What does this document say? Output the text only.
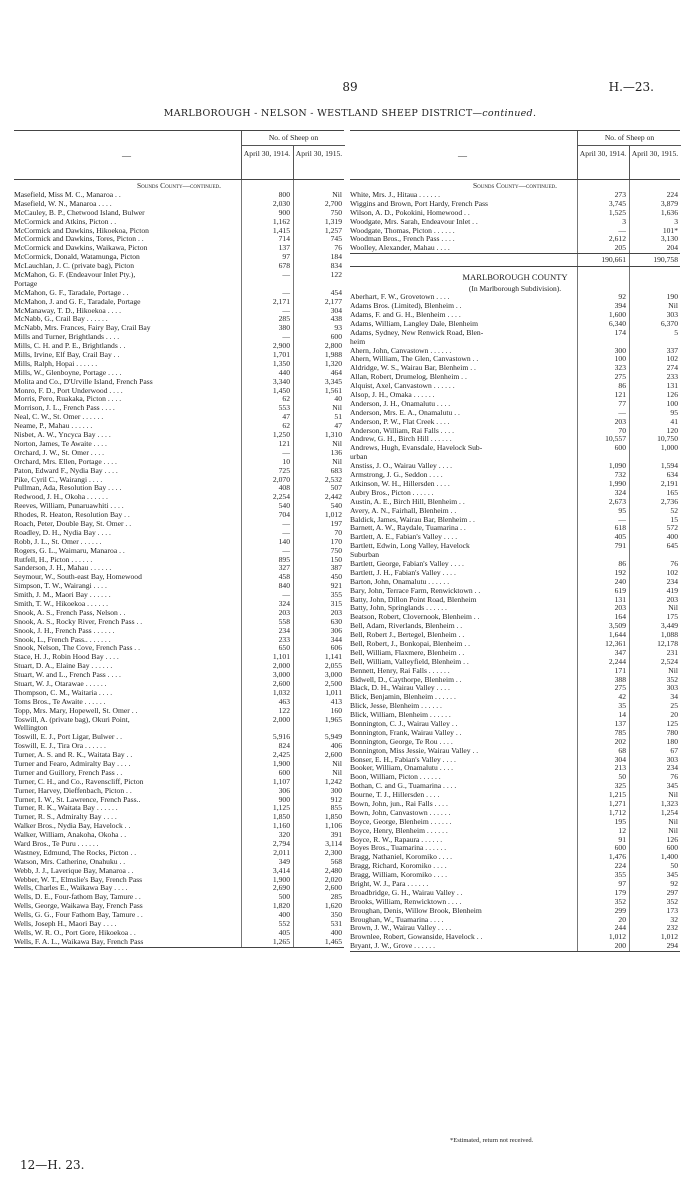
89	H.—23.
MARLBOROUGH - NELSON - WESTLAND SHEEP DISTRICT—continued.
—
No. of Sheep on
April 30, 1914. April 30, 1915.
Sounds County—continued.
Masefield, Miss M. C., Manaroa . .	800	Nil
Masefield, W. N., Manaroa . . . .	2,030	2,700
McCauley, B. P., Chetwood Island, Bulwer	900	750
McCormick and Atkins, Picton . .	1,162	1,319
McCormick and Dawkins, Hikoekoa, Picton	1,415	1,257
McCormick and Dawkins, Tores, Picton . .	714	745
McCormick and Dawkins, Waikawa, Picton	137	76
McCormick, Donald, Watamunga, Picton	97	184
McLauchlan, J. C. (private bag), Picton	678	834
McMahon, G. F. (Endeavour Inlet Pty.),	—	122
Portage
McMahon, G. F., Taradale, Portage . .	—	454
McMahon, J. and G. F., Taradale, Portage	2,171	2,177
McManaway, T. D., Hikoekoa . . . .	—	304
McNabb, G., Crail Bay . . . . . .	285	438
McNabb, Mrs. Frances, Fairy Bay, Crail Bay	380	93
Mills and Turner, Brightlands . . . .	—	600
Mills, C. H. and P. E., Brightlands . .	2,900	2,800
Mills, Irvine, Elf Bay, Crail Bay . .	1,701	1,988
Mills, Ralph, Hopai . . . . . .	1,350	1,320
Mills, W., Glenboyne, Portage . . . .	440	464
Molita and Co., D'Urville Island, French Pass	3,340	3,345
Monro, F. D., Port Underwood . . . .	1,450	1,561
Morris, Pero, Ruakaka, Picton . . . .	62	40
Morrison, J. L., French Pass . . . .	553	Nil
Neal, C. W., St. Omer . . . . . .	47	51
Neame, P., Mahau . . . . . .	62	47
Nisbet, A. W., Yncyca Bay . . . .	1,250	1,310
Norton, James, Te Awaite . . . .	121	Nil
Orchard, J. W., St. Omer . . . .	—	136
Orchard, Mrs. Ellen, Portage . . . .	10	Nil
Paton, Edward F., Nydia Bay . . . .	725	683
Pike, Cyril C., Wairangi . . . .	2,070	2,532
Pullman, Ada, Resolution Bay . . . .	408	507
Redwood, J. H., Okoha . . . . . .	2,254	2,442
Reeves, William, Punaruawhiti . . . .	540	540
Rhodes, R. Heaton, Resolution Bay . .	704	1,012
Roach, Peter, Double Bay, St. Omer . .	—	197
Roadley, D. H., Nydia Bay . . . .	—	70
Robb, J. L., St. Omer . . . . . .	140	170
Rogers, G. L., Waimaru, Manaroa . .	—	750
Rutfell, H., Picton . . . . . .	895	150
Sanderson, J. H., Mahau . . . . . .	327	387
Seymour, W., South-east Bay, Homewood	458	450
Simpson, T. W., Wairangi . . . .	840	921
Smith, J. M., Maori Bay . . . . . .	—	355
Smith, T. W., Hikoekoa . . . . . .	324	315
Snook, A. S., French Pass, Nelson . .	203	203
Snook, A. S., Rocky River, French Pass . .	558	630
Snook, J. H., French Pass . . . . . .	234	306
Snook, L., French Pass.. . . . . . .	233	344
Snook, Nelson, The Cove, French Pass . .	650	606
Stace, H. J., Robin Hood Bay . . . .	1,101	1,141
Stuart, D. A., Elaine Bay . . . . . .	2,000	2,055
Stuart, W. and L., French Pass . . . .	3,000	3,000
Stuart, W. J., Otarawae . . . . . .	2,600	2,500
Thompson, C. M., Waitaria . . . .	1,032	1,011
Toms Bros., Te Awaite . . . . . .	463	413
Topp, Mrs. Mary, Hopewell, St. Omer . .	122	160
Toswill, A. (private bag), Okuri Point,	2,000	1,965
Wellington
Toswill, E. J., Port Ligar, Bulwer . .	5,916	5,949
Toswill, E. J., Tira Ora . . . . . .	824	406
Turner, A. S. and R. K., Waitata Bay . .	2,425	2,600
Turner and Fearo, Admiralty Bay . . . .	1,900	Nil
Turner and Guillory, French Pass . .	600	Nil
Turner, C. H., and Co., Ravenscliff, Picton	1,107	1,242
Turner, Harvey, Dieffenbach, Picton . .	306	300
Turner, I. W., St. Lawrence, French Pass..	900	912
Turner, R. K., Waitata Bay . . . . . .	1,125	855
Turner, R. S., Admiralty Bay . . . .	1,850	1,850
Walker Bros., Nydia Bay, Havelock . .	1,160	1,106
Walker, William, Anakoha, Okoha . .	320	391
Ward Bros., Te Puru . . . . . .	2,794	3,114
Wastney, Edmund, The Rocks, Picton . .	2,011	2,300
Watson, Mrs. Catherine, Onahuku . .	349	568
Webb, J. J., Laverique Bay, Manaroa . .	3,414	2,480
Webber, W. T., Elmslie's Bay, French Pass	1,900	2,020
Wells, Charles E., Waikawa Bay . . . .	2,690	2,600
Wells, D. E., Four-fathom Bay, Tamure . .	500	285
Wells, George, Waikawa Bay, French Pass	1,820	1,620
Wells, G. G., Four Fathom Bay, Tamure . .	400	350
Wells, Joseph H., Maori Bay . . . .	552	531
Wells, W. R. O., Port Gore, Hikoekoa . .	405	400
Wells, F. A. L., Waikawa Bay, French Pass	1,265	1,465
—
No. of Sheep on
April 30, 1914. April 30, 1915.
Sounds County—continued.
White, Mrs. J., Hitaua . . . . . .	273	224
Wiggins and Brown, Port Hardy, French Pass	3,745	3,879
Wilson, A. D., Pokokini, Homewood . .	1,525	1,636
Woodgate, Mrs. Sarah, Endeavour Inlet . .	3	3
Woodgate, Thomas, Picton . . . . . .	—	101*
Woodman Bros., French Pass . . . .	2,612	3,130
Woolley, Alexander, Mahau . . . .	205	204
190,661	190,758
MARLBOROUGH COUNTY
(In Marlborough Subdivision).
Aberhart, F. W., Grovetown . . . .	92	190
Adams Bros. (Limited), Blenheim . .	394	Nil
Adams, F. and G. H., Blenheim . . . .	1,600	303
Adams, William, Langley Dale, Blenheim	6,340	6,370
Adams, Sydney, New Renwick Road, Blen-	174	5
heim
Ahern, John, Canvastown . . . . . .	300	337
Ahern, William, The Glen, Canvastown . .	100	102
Aldridge, W. S., Wairau Bar, Blenheim . .	323	274
Allan, Robert, Drumelog, Blenheim . .	275	233
Alquist, Axel, Canvastown . . . . . .	86	131
Alsop, J. H., Omaka . . . . . .	121	126
Anderson, J. H., Onamalutu . . . .	77	100
Anderson, Mrs. E. A., Onamalutu . .	—	95
Anderson, P. W., Flat Creek . . . .	203	41
Anderson, William, Rai Falls . . . .	70	120
Andrew, G. H., Birch Hill . . . . . .	10,557	10,750
Andrews, Hugh, Evansdale, Havelock Sub-	600	1,000
urban
Anstiss, J. O., Wairau Valley . . . .	1,090	1,594
Armstrong, J. G., Seddon . . . .	732	634
Atkinson, W. H., Hillersden . . . .	1,990	2,191
Aubry Bros., Picton . . . . . .	324	165
Austin, A. E., Birch Hill, Blenheim . .	2,673	2,736
Avery, A. N., Fairhall, Blenheim . .	95	52
Baldick, James, Wairau Bar, Blenheim . .	—	15
Barnett, A. W., Raydale, Tuamarina . .	618	572
Bartlett, A. E., Fabian's Valley . . . .	405	400
Bartlett, Edwin, Long Valley, Havelock	791	645
Suburban
Bartlett, George, Fabian's Valley . . . .	86	76
Bartlett, J. H., Fabian's Valley . . . .	192	102
Barton, John, Onamalutu . . . . . .	240	234
Bary, John, Terrace Farm, Renwicktown . .	619	419
Batty, John, Dillon Point Road, Blenheim	131	203
Batty, John, Springlands . . . . . .	203	Nil
Beatson, Robert, Clovernook, Blenheim . .	164	175
Bell, Adam, Riverlands, Blenheim . .	3,509	3,449
Bell, Robert J., Bertegel, Blenheim . .	1,644	1,088
Bell, Robert, J., Bonkopai, Blenheim . .	12,361	12,178
Bell, William, Flaxmere, Blenheim . .	347	231
Bell, William, Valleyfield, Blenheim . .	2,244	2,524
Bennett, Henry, Rai Falls . . . . . .	171	Nil
Bidwell, D., Caythorpe, Blenheim . .	388	352
Black, D. H., Wairau Valley . . . .	275	303
Blick, Benjamin, Blenheim . . . . . .	42	34
Blick, Jesse, Blenheim . . . . . .	35	25
Blick, William, Blenheim . . . . . .	14	20
Bonnington, C. J., Wairau Valley . .	137	125
Bonnington, Frank, Wairau Valley . .	785	780
Bonnington, George, Te Rou . . . .	202	180
Bonnington, Miss Jessie, Wairau Valley . .	68	67
Bonser, E. H., Fabian's Valley . . . .	304	303
Booker, William, Onamalutu . . . .	213	234
Boon, William, Picton . . . . . .	50	76
Bothan, C. and G., Tuamarina . . . .	325	345
Bourne, T. J., Hillersden . . . .	1,215	Nil
Bown, John, jun., Rai Falls . . . .	1,271	1,323
Bown, John, Canvastown . . . . . .	1,712	1,254
Boyce, George, Blenheim . . . . . .	195	Nil
Boyce, Henry, Blenheim . . . . . .	12	Nil
Boyce, R. W., Rapaura . . . . . .	91	126
Boyes Bros., Tuamarina . . . . . .	600	600
Bragg, Nathaniel, Koromiko . . . .	1,476	1,400
Bragg, Richard, Koromiko . . . .	224	50
Bragg, William, Koromiko . . . .	355	345
Bright, W. J., Para . . . . . .	97	92
Broadbridge, G. H., Wairau Valley . .	179	297
Brooks, William, Renwicktown . . . .	352	352
Broughan, Denis, Willow Brook, Blenheim	299	173
Broughan, W., Tuamarina . . . .	20	32
Brown, J. W., Wairau Valley . . . .	244	232
Brownlee, Robert, Gowanside, Havelock . .	1,012	1,012
Bryant, J. W., Grove . . . . . .	200	294
*Estimated, return not received.
12—H. 23.
